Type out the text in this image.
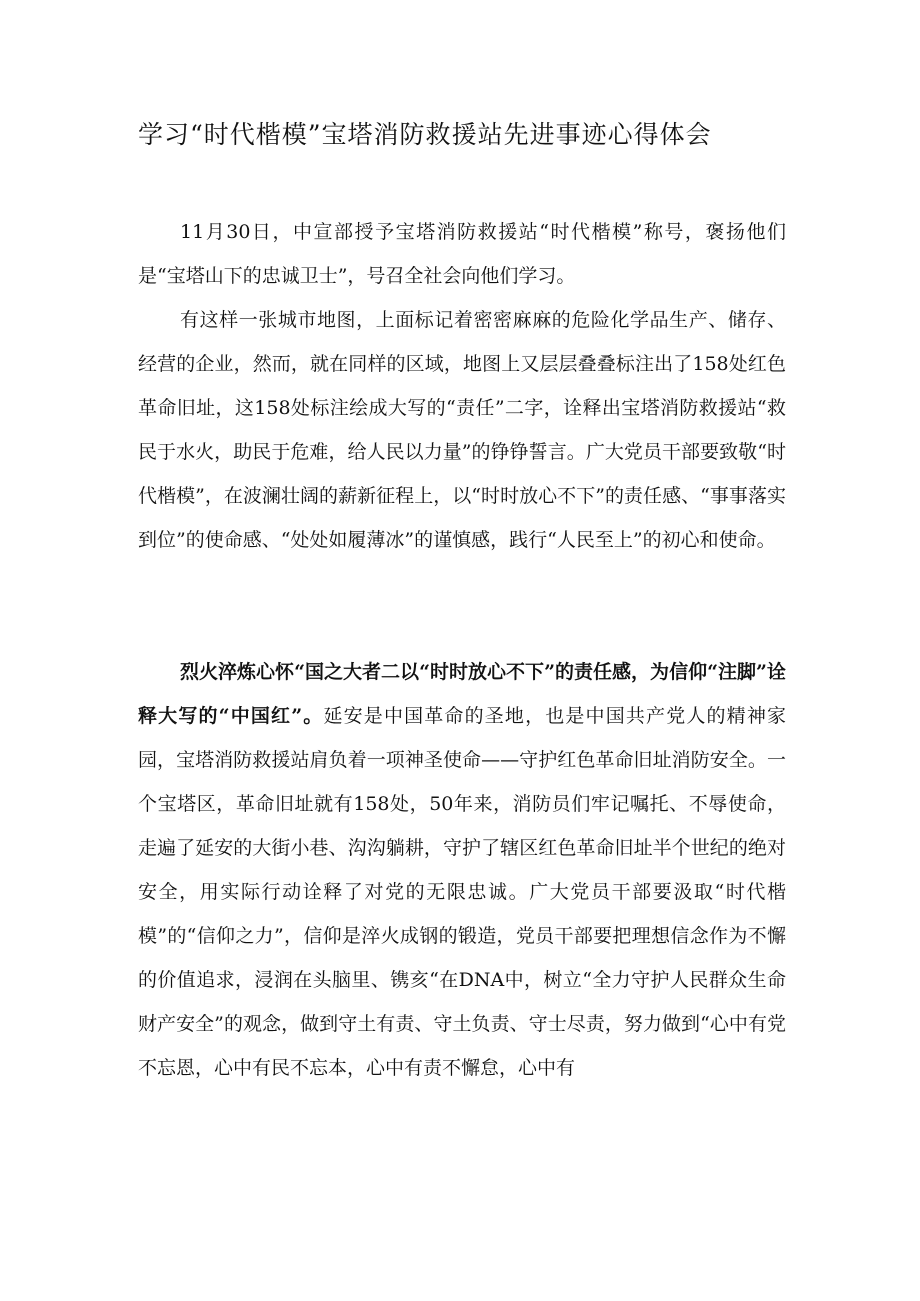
学习“时代楷模”宝塔消防救援站先进事迹心得体会

11月30日，中宣部授予宝塔消防救援站“时代楷模”称号，褒扬他们是“宝塔山下的忠诚卫士”，号召全社会向他们学习。

有这样一张城市地图，上面标记着密密麻麻的危险化学品生产、储存、经营的企业，然而，就在同样的区域，地图上又层层叠叠标注出了158处红色革命旧址，这158处标注绘成大写的“责任”二字，诠释出宝塔消防救援站“救民于水火，助民于危难，给人民以力量”的铮铮誓言。广大党员干部要致敬“时代楷模”，在波澜壮阔的薪新征程上，以“时时放心不下”的责任感、“事事落实到位”的使命感、“处处如履薄冰”的谨慎感，践行“人民至上”的初心和使命。

烈火淬炼心怀“国之大者二以“时时放心不下”的责任感，为信仰“注脚”诠释大写的“中国红”。延安是中国革命的圣地，也是中国共产党人的精神家园，宝塔消防救援站肩负着一项神圣使命——守护红色革命旧址消防安全。一个宝塔区，革命旧址就有158处，50年来，消防员们牢记嘱托、不辱使命，走遍了延安的大街小巷、沟沟躺耕，守护了辖区红色革命旧址半个世纪的绝对安全，用实际行动诠释了对党的无限忠诚。广大党员干部要汲取“时代楷模”的“信仰之力”，信仰是淬火成钢的锻造，党员干部要把理想信念作为不懈的价值追求，浸润在头脑里、镌亥“在DNA中，树立“全力守护人民群众生命财产安全”的观念，做到守土有责、守土负责、守士尽责，努力做到“心中有党不忘恩，心中有民不忘本，心中有责不懈怠，心中有
